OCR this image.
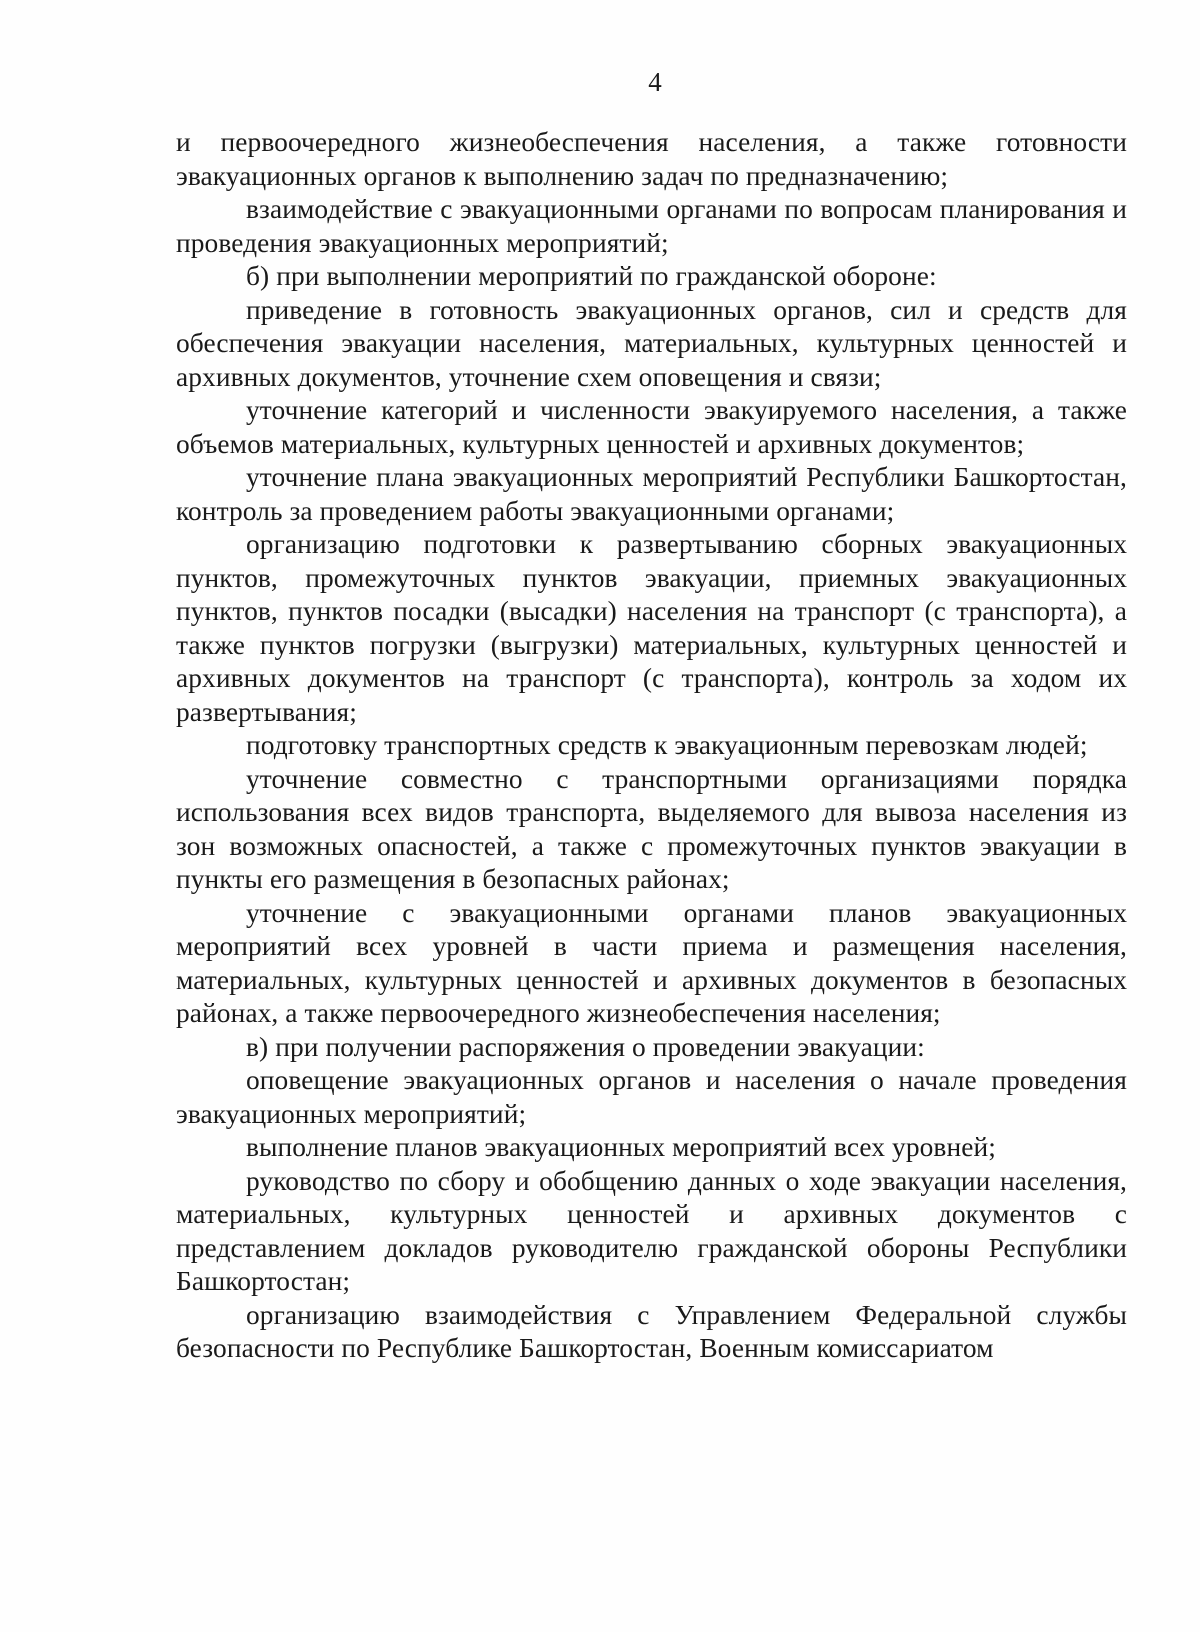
4

и первоочередного жизнеобеспечения населения, а также готовности эвакуационных органов к выполнению задач по предназначению;

взаимодействие с эвакуационными органами по вопросам планирования и проведения эвакуационных мероприятий;

б) при выполнении мероприятий по гражданской обороне:

приведение в готовность эвакуационных органов, сил и средств для обеспечения эвакуации населения, материальных, культурных ценностей и архивных документов, уточнение схем оповещения и связи;

уточнение категорий и численности эвакуируемого населения, а также объемов материальных, культурных ценностей и архивных документов;

уточнение плана эвакуационных мероприятий Республики Башкортостан, контроль за проведением работы эвакуационными органами;

организацию подготовки к развертыванию сборных эвакуационных пунктов, промежуточных пунктов эвакуации, приемных эвакуационных пунктов, пунктов посадки (высадки) населения на транспорт (с транспорта), а также пунктов погрузки (выгрузки) материальных, культурных ценностей и архивных документов на транспорт (с транспорта), контроль за ходом их развертывания;

подготовку транспортных средств к эвакуационным перевозкам людей;

уточнение совместно с транспортными организациями порядка использования всех видов транспорта, выделяемого для вывоза населения из зон возможных опасностей, а также с промежуточных пунктов эвакуации в пункты его размещения в безопасных районах;

уточнение с эвакуационными органами планов эвакуационных мероприятий всех уровней в части приема и размещения населения, материальных, культурных ценностей и архивных документов в безопасных районах, а также первоочередного жизнеобеспечения населения;

в) при получении распоряжения о проведении эвакуации:

оповещение эвакуационных органов и населения о начале проведения эвакуационных мероприятий;

выполнение планов эвакуационных мероприятий всех уровней;

руководство по сбору и обобщению данных о ходе эвакуации населения, материальных, культурных ценностей и архивных документов с представлением докладов руководителю гражданской обороны Республики Башкортостан;

организацию взаимодействия с Управлением Федеральной службы безопасности по Республике Башкортостан, Военным комиссариатом
